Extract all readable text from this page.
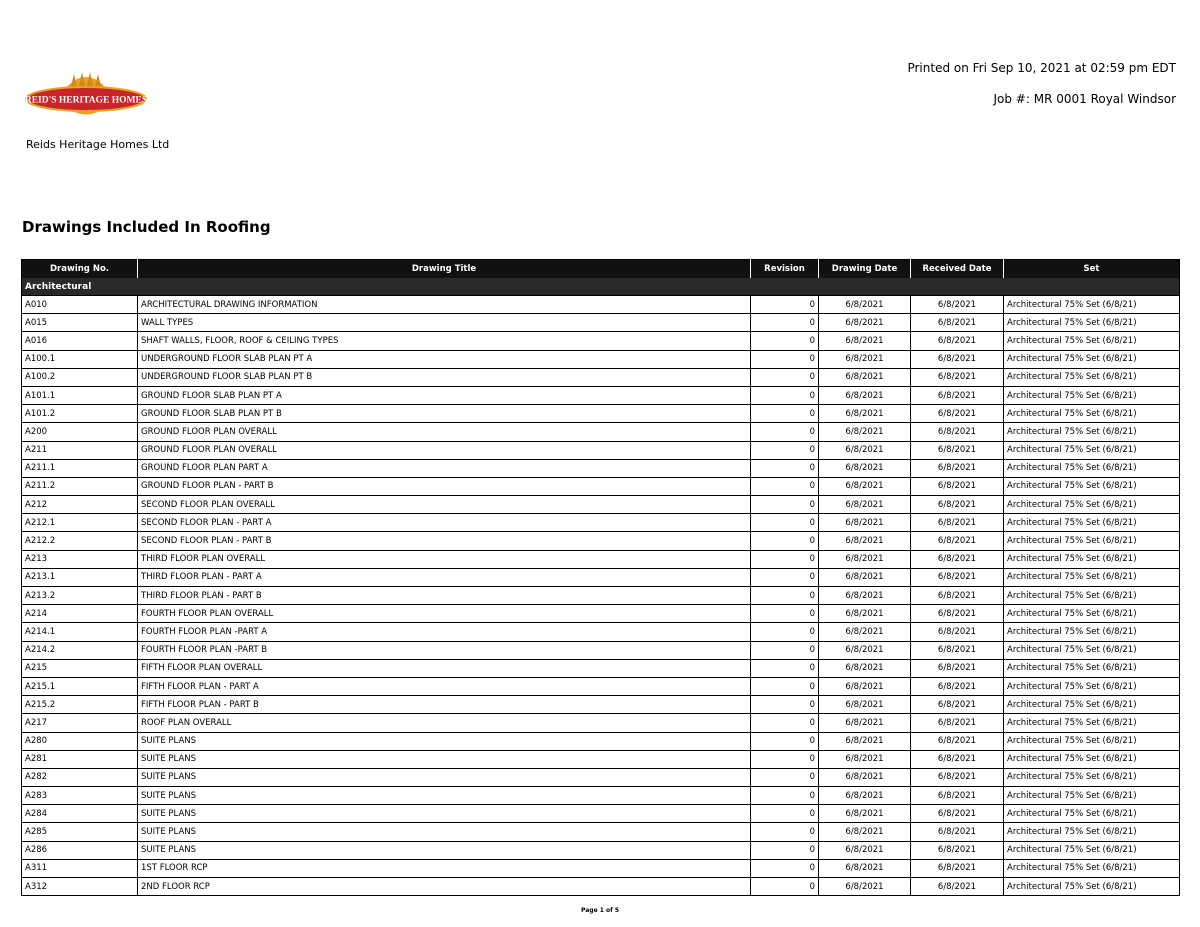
REID'S HERITAGE HOMES
Reids Heritage Homes Ltd
Printed on Fri Sep 10, 2021 at 02:59 pm EDT
Job #: MR 0001 Royal Windsor
Drawings Included In Roofing
Drawing No.	Drawing Title	Revision	Drawing Date	Received Date	Set
Architectural					
A010	ARCHITECTURAL DRAWING INFORMATION	0	6/8/2021	6/8/2021	Architectural 75% Set (6/8/21)
A015	WALL TYPES	0	6/8/2021	6/8/2021	Architectural 75% Set (6/8/21)
A016	SHAFT WALLS, FLOOR, ROOF & CEILING TYPES	0	6/8/2021	6/8/2021	Architectural 75% Set (6/8/21)
A100.1	UNDERGROUND FLOOR SLAB PLAN PT A	0	6/8/2021	6/8/2021	Architectural 75% Set (6/8/21)
A100.2	UNDERGROUND FLOOR SLAB PLAN PT B	0	6/8/2021	6/8/2021	Architectural 75% Set (6/8/21)
A101.1	GROUND FLOOR SLAB PLAN PT A	0	6/8/2021	6/8/2021	Architectural 75% Set (6/8/21)
A101.2	GROUND FLOOR SLAB PLAN PT B	0	6/8/2021	6/8/2021	Architectural 75% Set (6/8/21)
A200	GROUND FLOOR PLAN OVERALL	0	6/8/2021	6/8/2021	Architectural 75% Set (6/8/21)
A211	GROUND FLOOR PLAN OVERALL	0	6/8/2021	6/8/2021	Architectural 75% Set (6/8/21)
A211.1	GROUND FLOOR PLAN PART A	0	6/8/2021	6/8/2021	Architectural 75% Set (6/8/21)
A211.2	GROUND FLOOR PLAN - PART B	0	6/8/2021	6/8/2021	Architectural 75% Set (6/8/21)
A212	SECOND FLOOR PLAN OVERALL	0	6/8/2021	6/8/2021	Architectural 75% Set (6/8/21)
A212.1	SECOND FLOOR PLAN - PART A	0	6/8/2021	6/8/2021	Architectural 75% Set (6/8/21)
A212.2	SECOND FLOOR PLAN - PART B	0	6/8/2021	6/8/2021	Architectural 75% Set (6/8/21)
A213	THIRD FLOOR PLAN OVERALL	0	6/8/2021	6/8/2021	Architectural 75% Set (6/8/21)
A213.1	THIRD FLOOR PLAN - PART A	0	6/8/2021	6/8/2021	Architectural 75% Set (6/8/21)
A213.2	THIRD FLOOR PLAN - PART B	0	6/8/2021	6/8/2021	Architectural 75% Set (6/8/21)
A214	FOURTH FLOOR PLAN OVERALL	0	6/8/2021	6/8/2021	Architectural 75% Set (6/8/21)
A214.1	FOURTH FLOOR PLAN -PART A	0	6/8/2021	6/8/2021	Architectural 75% Set (6/8/21)
A214.2	FOURTH FLOOR PLAN -PART B	0	6/8/2021	6/8/2021	Architectural 75% Set (6/8/21)
A215	FIFTH FLOOR PLAN OVERALL	0	6/8/2021	6/8/2021	Architectural 75% Set (6/8/21)
A215.1	FIFTH FLOOR PLAN - PART A	0	6/8/2021	6/8/2021	Architectural 75% Set (6/8/21)
A215.2	FIFTH FLOOR PLAN - PART B	0	6/8/2021	6/8/2021	Architectural 75% Set (6/8/21)
A217	ROOF PLAN OVERALL	0	6/8/2021	6/8/2021	Architectural 75% Set (6/8/21)
A280	SUITE PLANS	0	6/8/2021	6/8/2021	Architectural 75% Set (6/8/21)
A281	SUITE PLANS	0	6/8/2021	6/8/2021	Architectural 75% Set (6/8/21)
A282	SUITE PLANS	0	6/8/2021	6/8/2021	Architectural 75% Set (6/8/21)
A283	SUITE PLANS	0	6/8/2021	6/8/2021	Architectural 75% Set (6/8/21)
A284	SUITE PLANS	0	6/8/2021	6/8/2021	Architectural 75% Set (6/8/21)
A285	SUITE PLANS	0	6/8/2021	6/8/2021	Architectural 75% Set (6/8/21)
A286	SUITE PLANS	0	6/8/2021	6/8/2021	Architectural 75% Set (6/8/21)
A311	1ST FLOOR RCP	0	6/8/2021	6/8/2021	Architectural 75% Set (6/8/21)
A312	2ND FLOOR RCP	0	6/8/2021	6/8/2021	Architectural 75% Set (6/8/21)
Page 1 of 5
